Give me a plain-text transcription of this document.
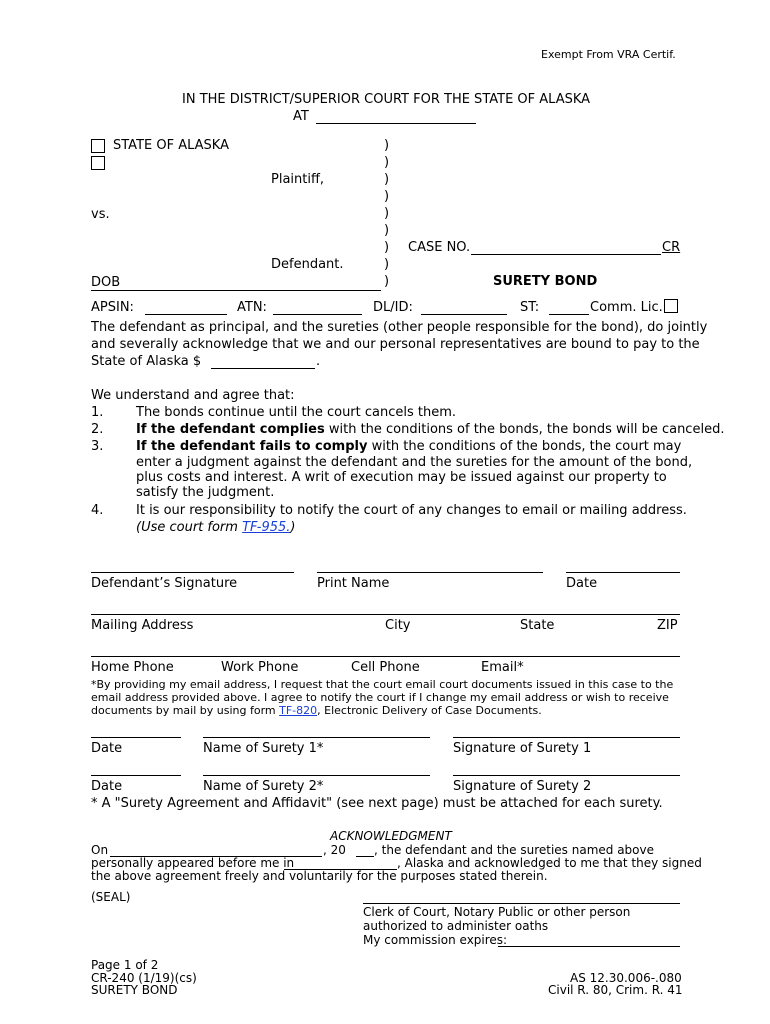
Exempt From VRA Certif.
IN THE DISTRICT/SUPERIOR COURT FOR THE STATE OF ALASKA
AT
STATE OF ALASKA
Plaintiff,
vs.
Defendant.
DOB
)
)
)
)
)
)
)
)
)
CASE NO.	CR
SURETY BOND
APSIN:	ATN:	DL/ID:	ST:	Comm. Lic.
The defendant as principal, and the sureties (other people responsible for the bond), do jointly
and severally acknowledge that we and our personal representatives are bound to pay to the
State of Alaska $	.
We understand and agree that:
1.	The bonds continue until the court cancels them.
2.	If the defendant complies with the conditions of the bonds, the bonds will be canceled.
3.	If the defendant fails to comply with the conditions of the bonds, the court may
enter a judgment against the defendant and the sureties for the amount of the bond,
plus costs and interest. A writ of execution may be issued against our property to
satisfy the judgment.
4.	It is our responsibility to notify the court of any changes to email or mailing address.
(Use court form TF-955.)
Defendant’s Signature	Print Name	Date
Mailing Address	City	State	ZIP
Home Phone	Work Phone	Cell Phone	Email*
*By providing my email address, I request that the court email court documents issued in this case to the
email address provided above. I agree to notify the court if I change my email address or wish to receive
documents by mail by using form TF-820, Electronic Delivery of Case Documents.
Date	Name of Surety 1*	Signature of Surety 1
Date	Name of Surety 2*	Signature of Surety 2
* A "Surety Agreement and Affidavit" (see next page) must be attached for each surety.
ACKNOWLEDGMENT
On	, 20 , the defendant and the sureties named above
personally appeared before me in	, Alaska and acknowledged to me that they signed
the above agreement freely and voluntarily for the purposes stated therein.
(SEAL)
Clerk of Court, Notary Public or other person
authorized to administer oaths
My commission expires:
Page 1 of 2
CR-240 (1/19)(cs)
SURETY BOND
AS 12.30.006-.080
Civil R. 80, Crim. R. 41
